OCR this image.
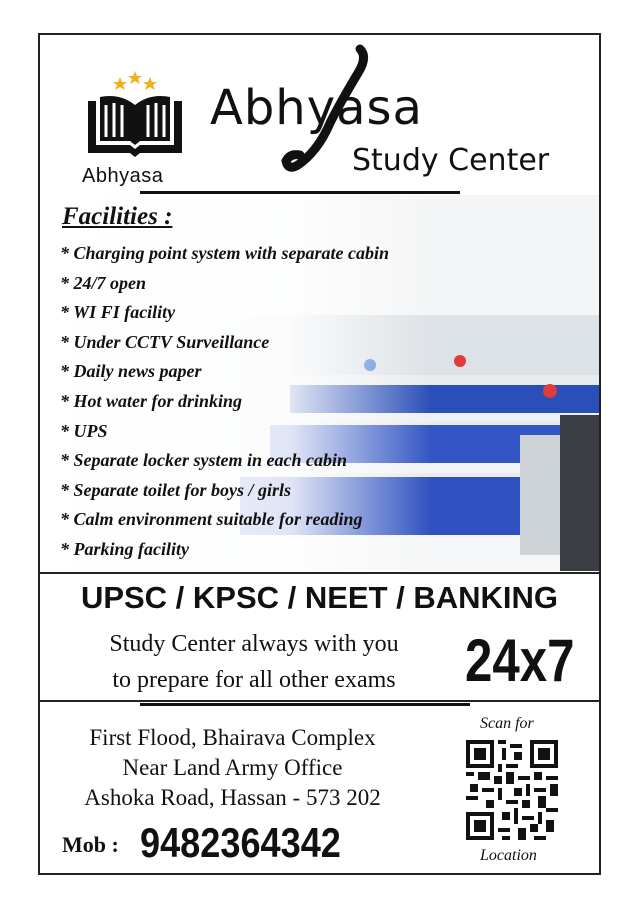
Abhyasa
Abhyasa
Study Center
Facilities :
* Charging point system with separate cabin
* 24/7 open
* WI FI facility
* Under CCTV Surveillance
* Daily news paper
* Hot water for drinking
* UPS
* Separate locker system in each cabin
* Separate toilet for boys / girls
* Calm environment suitable for reading
* Parking facility
UPSC / KPSC / NEET / BANKING
Study Center always with you
to prepare for all other exams	24x7
First Flood, Bhairava Complex
Near Land Army Office
Ashoka Road, Hassan - 573 202
Mob : 9482364342
Scan for
Location
